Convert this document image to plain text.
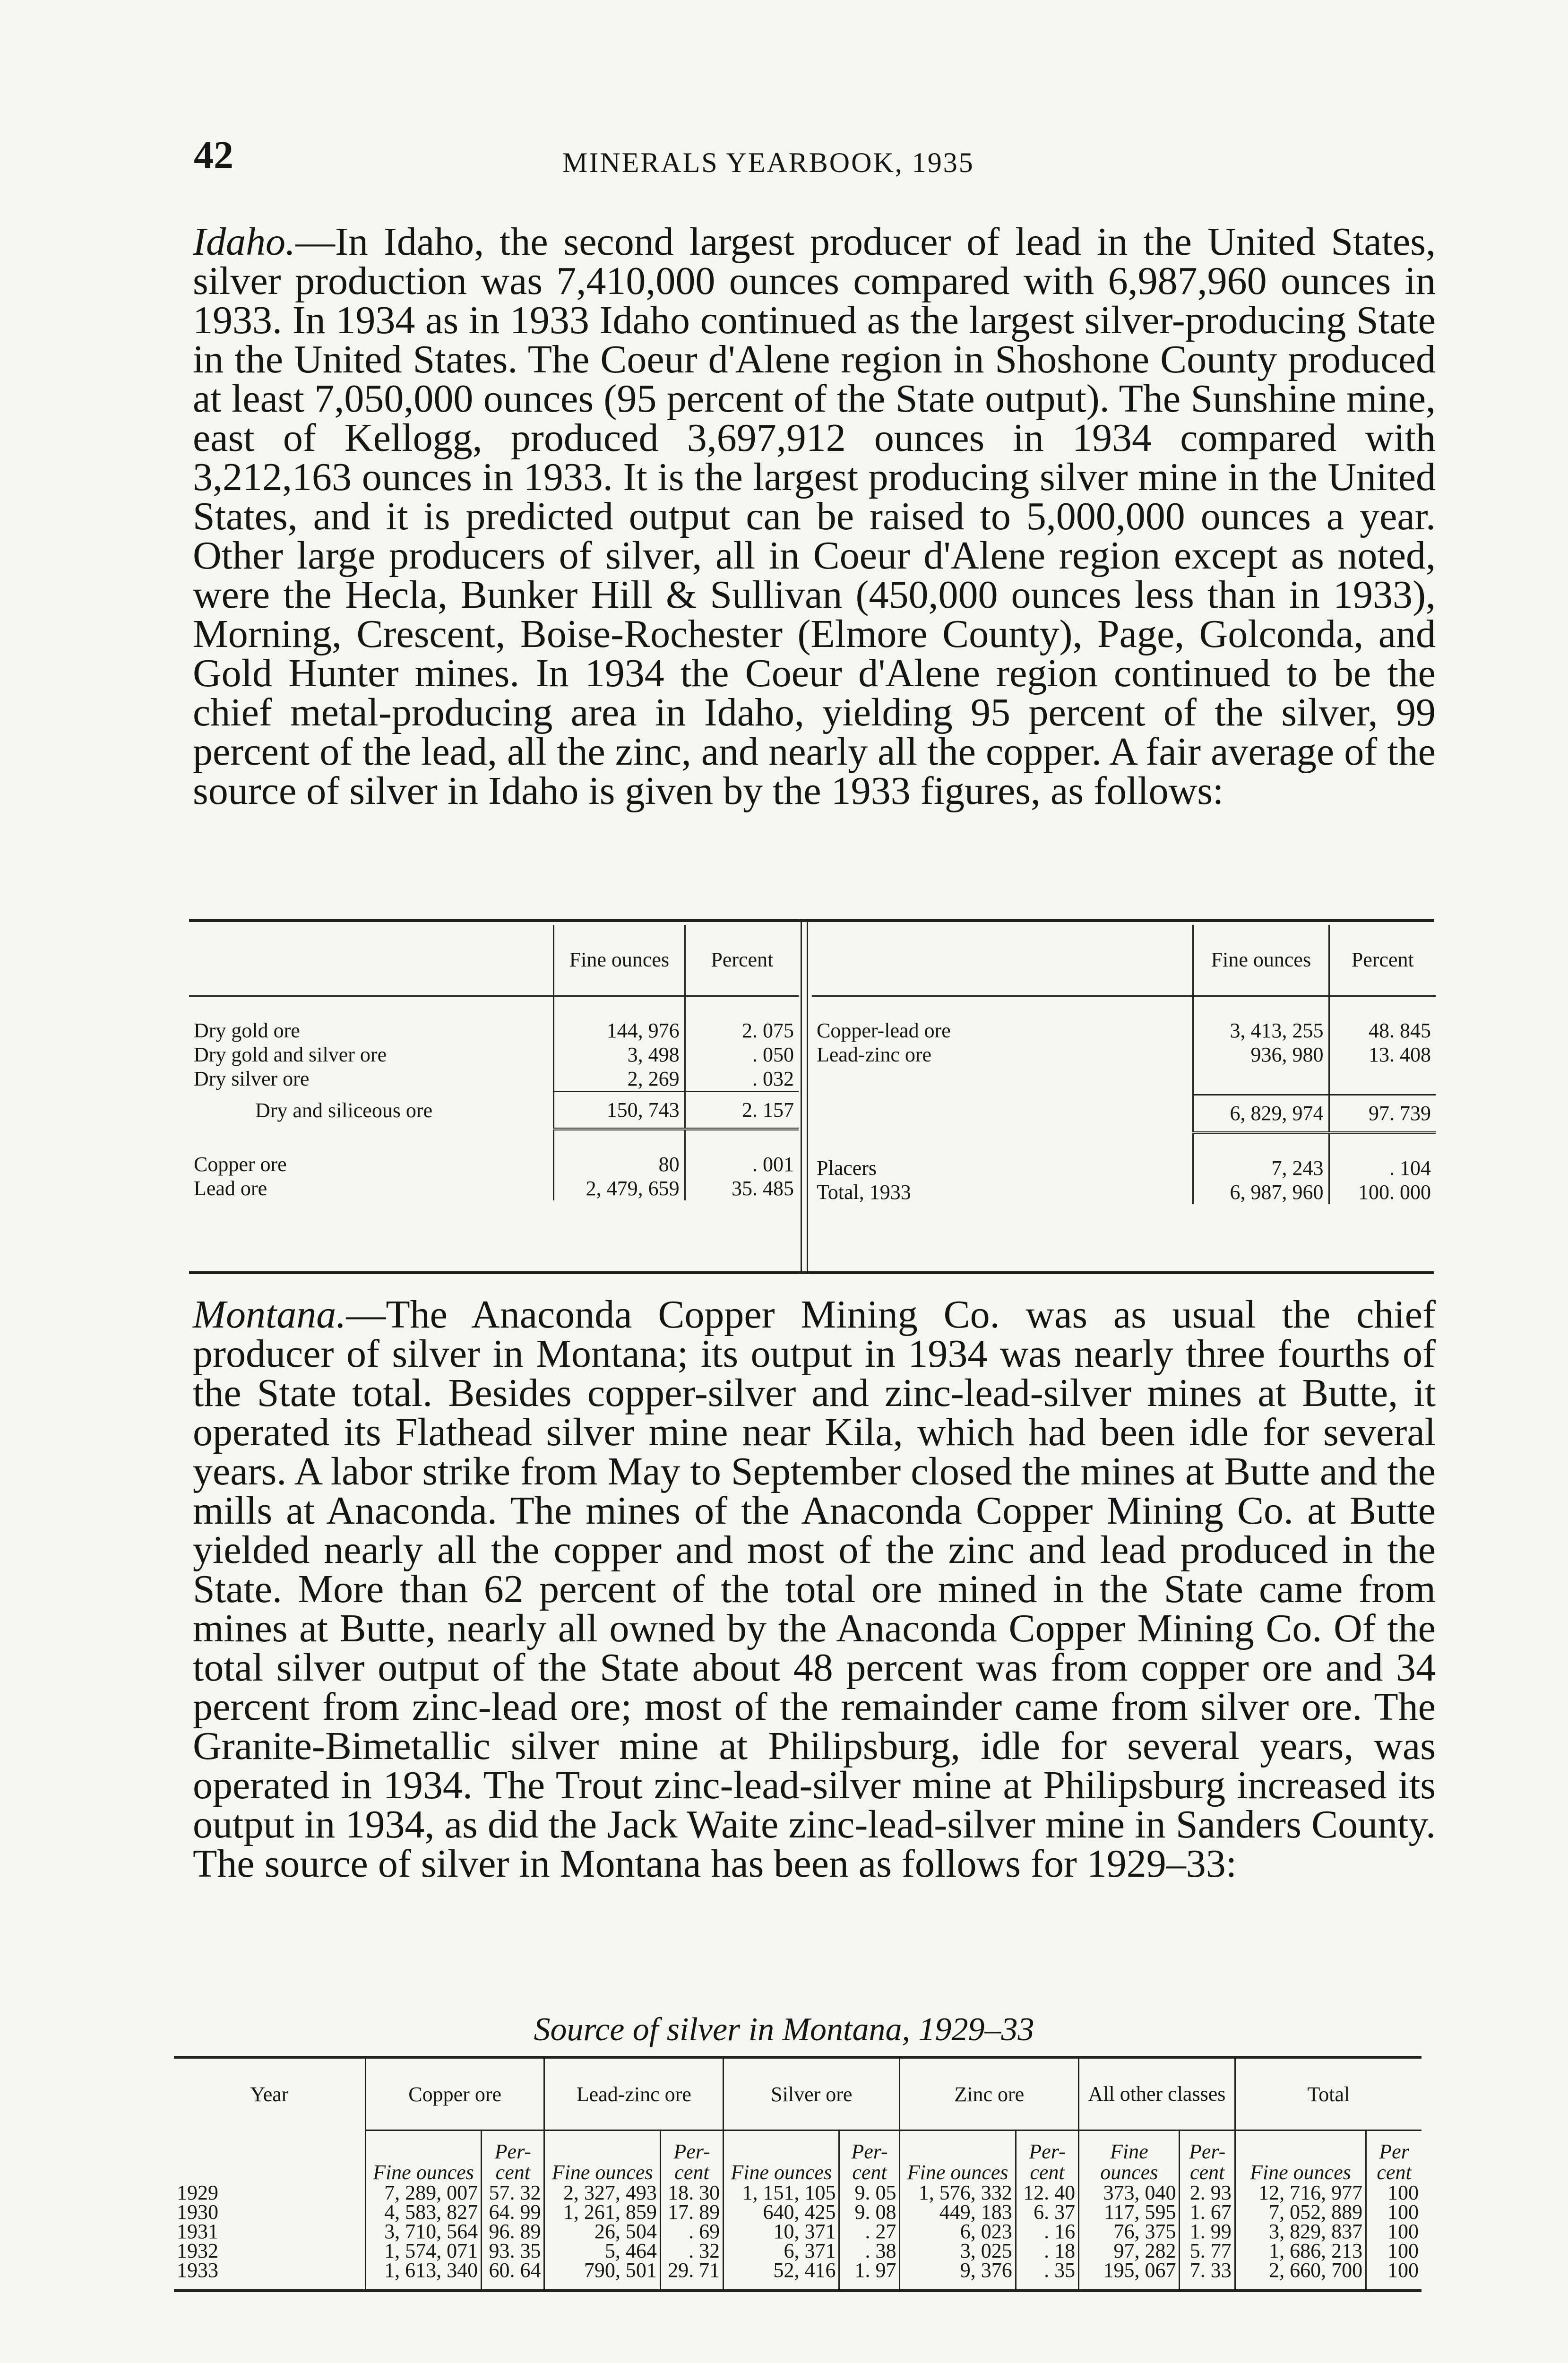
42	MINERALS YEARBOOK, 1935

Idaho.—In Idaho, the second largest producer of lead in the United States, silver production was 7,410,000 ounces compared with 6,987,960 ounces in 1933. In 1934 as in 1933 Idaho continued as the largest silver-producing State in the United States. The Coeur d'Alene region in Shoshone County produced at least 7,050,000 ounces (95 percent of the State output). The Sunshine mine, east of Kellogg, produced 3,697,912 ounces in 1934 compared with 3,212,163 ounces in 1933. It is the largest producing silver mine in the United States, and it is predicted output can be raised to 5,000,000 ounces a year. Other large producers of silver, all in Coeur d'Alene region except as noted, were the Hecla, Bunker Hill & Sullivan (450,000 ounces less than in 1933), Morning, Crescent, Boise-Rochester (Elmore County), Page, Golconda, and Gold Hunter mines. In 1934 the Coeur d'Alene region continued to be the chief metal-producing area in Idaho, yielding 95 percent of the silver, 99 percent of the lead, all the zinc, and nearly all the copper. A fair average of the source of silver in Idaho is given by the 1933 figures, as follows:

	Fine ounces	Percent

Dry gold ore	144, 976	2. 075
Dry gold and silver ore	3, 498	. 050
Dry silver ore	2, 269	. 032
Dry and siliceous ore	150, 743	2. 157

Copper ore	80	. 001
Lead ore	2, 479, 659	35. 485
	Fine ounces	Percent

Copper-lead ore	3, 413, 255	48. 845
Lead-zinc ore	936, 980	13. 408

	6, 829, 974	97. 739

Placers	7, 243	. 104
Total, 1933	6, 987, 960	100. 000

Montana.—The Anaconda Copper Mining Co. was as usual the chief producer of silver in Montana; its output in 1934 was nearly three fourths of the State total. Besides copper-silver and zinc-lead-silver mines at Butte, it operated its Flathead silver mine near Kila, which had been idle for several years. A labor strike from May to September closed the mines at Butte and the mills at Anaconda. The mines of the Anaconda Copper Mining Co. at Butte yielded nearly all the copper and most of the zinc and lead produced in the State. More than 62 percent of the total ore mined in the State came from mines at Butte, nearly all owned by the Anaconda Copper Mining Co. Of the total silver output of the State about 48 percent was from copper ore and 34 percent from zinc-lead ore; most of the remainder came from silver ore. The Granite-Bimetallic silver mine at Philipsburg, idle for several years, was operated in 1934. The Trout zinc-lead-silver mine at Philipsburg increased its output in 1934, as did the Jack Waite zinc-lead-silver mine in Sanders County. The source of silver in Montana has been as follows for 1929–33:

Source of silver in Montana, 1929–33
Year	Copper ore		Lead-zinc ore		Silver ore		Zinc ore		All other classes		Total	
	Fine ounces	Per- cent	Fine ounces	Per- cent	Fine ounces	Per- cent	Fine ounces	Per- cent	Fine ounces	Per- cent	Fine ounces	Per cent
1929	7, 289, 007	57. 32	2, 327, 493	18. 30	1, 151, 105	9. 05	1, 576, 332	12. 40	373, 040	2. 93	12, 716, 977	100
1930	4, 583, 827	64. 99	1, 261, 859	17. 89	640, 425	9. 08	449, 183	6. 37	117, 595	1. 67	7, 052, 889	100
1931	3, 710, 564	96. 89	26, 504	. 69	10, 371	. 27	6, 023	. 16	76, 375	1. 99	3, 829, 837	100
1932	1, 574, 071	93. 35	5, 464	. 32	6, 371	. 38	3, 025	. 18	97, 282	5. 77	1, 686, 213	100
1933	1, 613, 340	60. 64	790, 501	29. 71	52, 416	1. 97	9, 376	. 35	195, 067	7. 33	2, 660, 700	100
